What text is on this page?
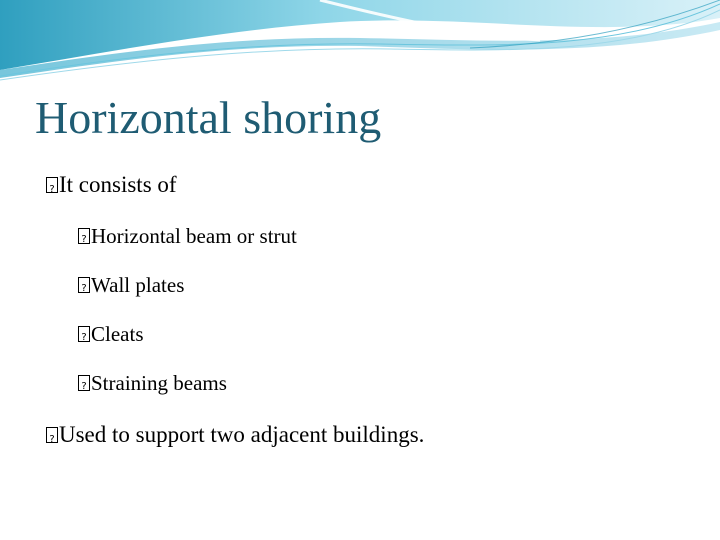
Horizontal shoring
?It consists of
?Horizontal beam or strut
?Wall plates
?Cleats
?Straining beams
?Used to support two adjacent buildings.
